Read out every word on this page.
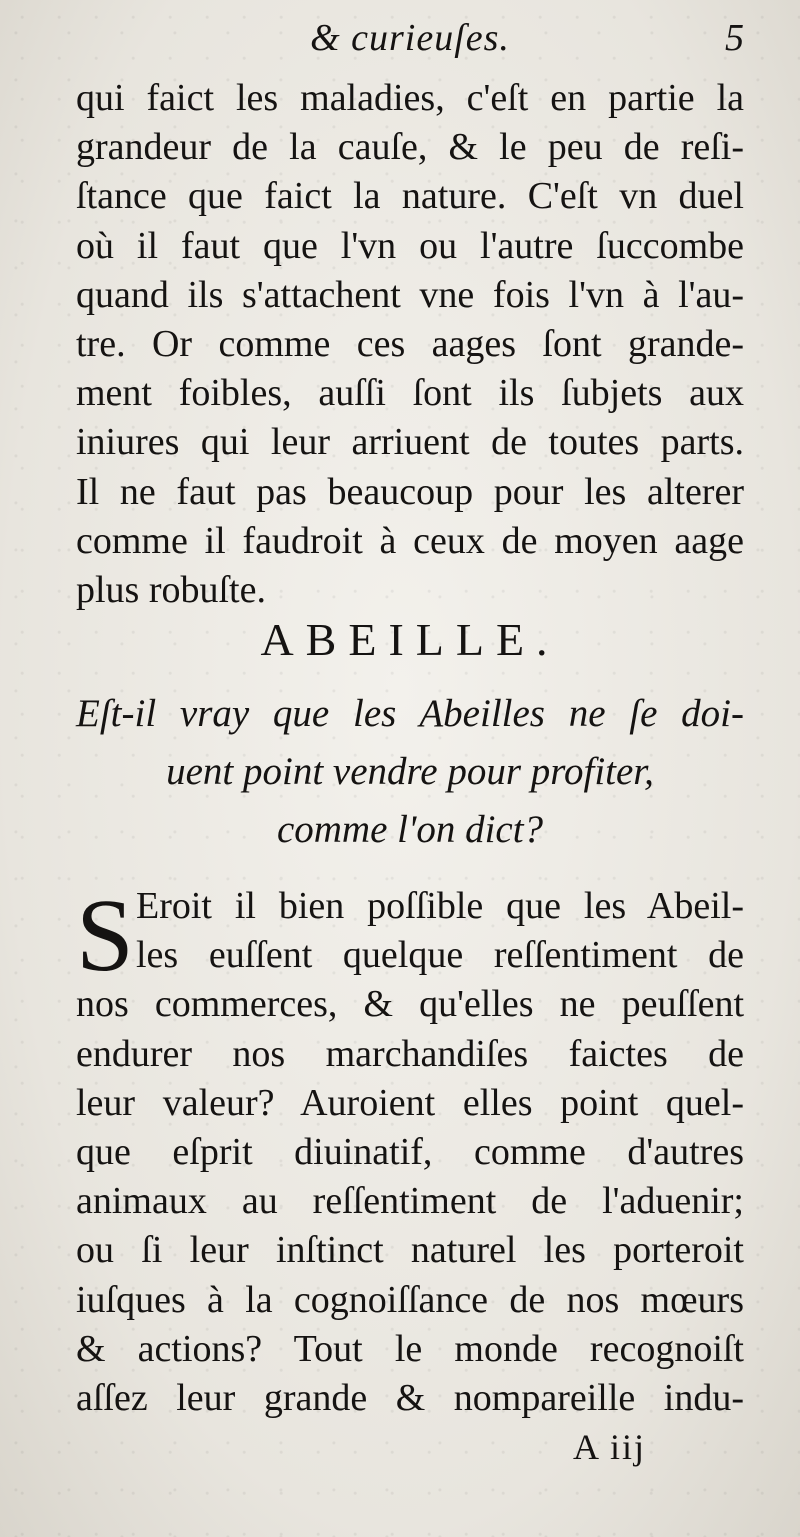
& curieuſes.	5
qui faict les maladies, c'eſt en partie la
grandeur de la cauſe, & le peu de reſi-
ſtance que faict la nature. C'eſt vn duel
où il faut que l'vn ou l'autre ſuccombe
quand ils s'attachent vne fois l'vn à l'au-
tre. Or comme ces aages ſont grande-
ment foibles, auſſi ſont ils ſubjets aux
iniures qui leur arriuent de toutes parts.
Il ne faut pas beaucoup pour les alterer
comme il faudroit à ceux de moyen aage
plus robuſte.
ABEILLE.
Eſt-il vray que les Abeilles ne ſe doi-
uent point vendre pour profiter,
comme l'on dict?
S Eroit il bien poſſible que les Abeil-
les euſſent quelque reſſentiment de
nos commerces, & qu'elles ne peuſſent
endurer nos marchandiſes faictes de
leur valeur? Auroient elles point quel-
que eſprit diuinatif, comme d'autres
animaux au reſſentiment de l'aduenir;
ou ſi leur inſtinct naturel les porteroit
iuſques à la cognoiſſance de nos mœurs
& actions? Tout le monde recognoiſt
aſſez leur grande & nompareille indu-
A iij
